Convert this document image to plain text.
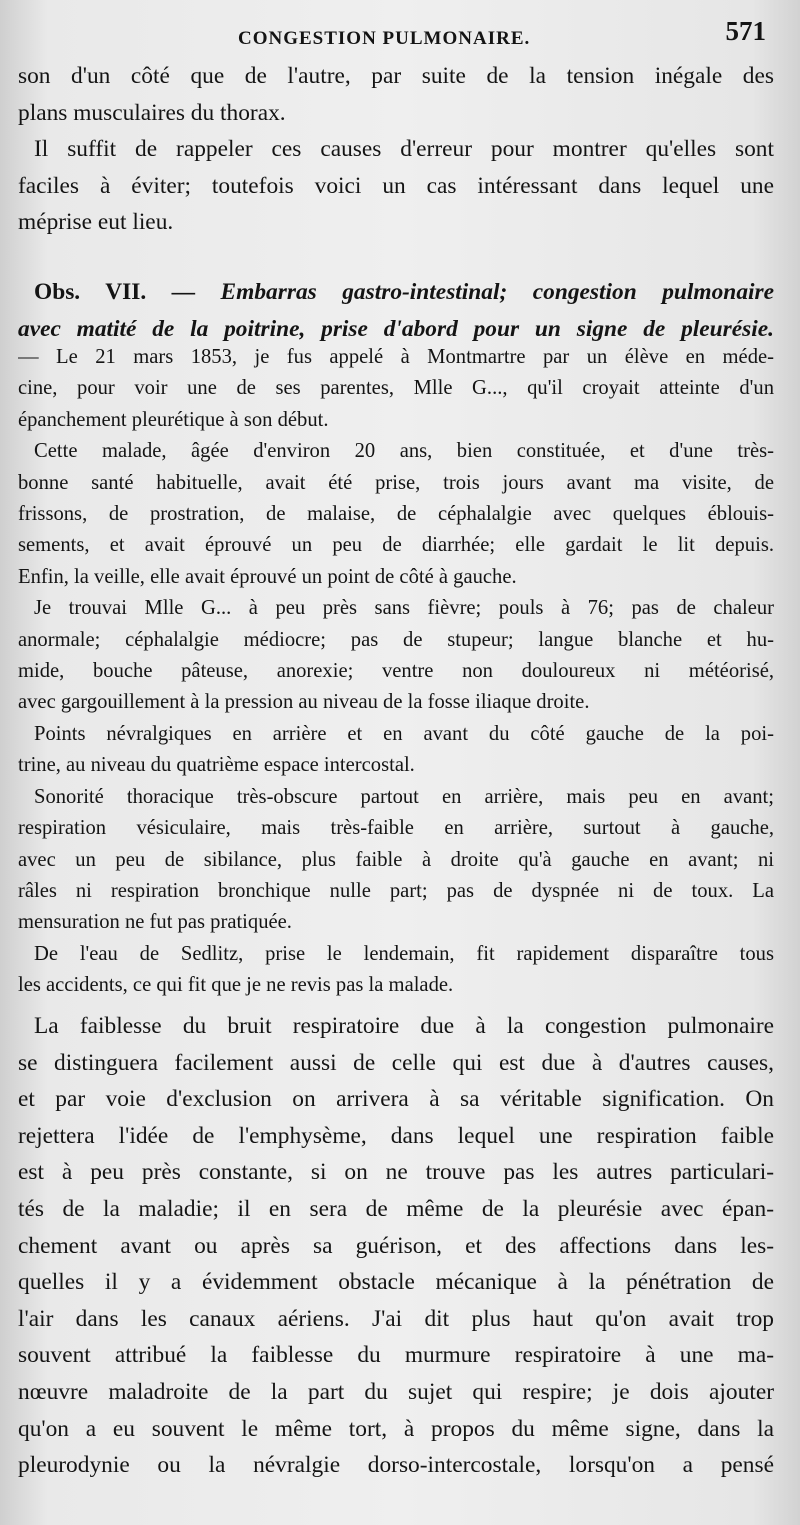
CONGESTION PULMONAIRE.	571
son d'un côté que de l'autre, par suite de la tension inégale des
plans musculaires du thorax.
Il suffit de rappeler ces causes d'erreur pour montrer qu'elles sont
faciles à éviter; toutefois voici un cas intéressant dans lequel une
méprise eut lieu.
Obs. VII. — Embarras gastro-intestinal; congestion pulmonaire
avec matité de la poitrine, prise d'abord pour un signe de pleurésie.
— Le 21 mars 1853, je fus appelé à Montmartre par un élève en méde-
cine, pour voir une de ses parentes, Mlle G..., qu'il croyait atteinte d'un
épanchement pleurétique à son début.
Cette malade, âgée d'environ 20 ans, bien constituée, et d'une très-
bonne santé habituelle, avait été prise, trois jours avant ma visite, de
frissons, de prostration, de malaise, de céphalalgie avec quelques éblouis-
sements, et avait éprouvé un peu de diarrhée; elle gardait le lit depuis.
Enfin, la veille, elle avait éprouvé un point de côté à gauche.
Je trouvai Mlle G... à peu près sans fièvre; pouls à 76; pas de chaleur
anormale; céphalalgie médiocre; pas de stupeur; langue blanche et hu-
mide, bouche pâteuse, anorexie; ventre non douloureux ni météorisé,
avec gargouillement à la pression au niveau de la fosse iliaque droite.
Points névralgiques en arrière et en avant du côté gauche de la poi-
trine, au niveau du quatrième espace intercostal.
Sonorité thoracique très-obscure partout en arrière, mais peu en avant;
respiration vésiculaire, mais très-faible en arrière, surtout à gauche,
avec un peu de sibilance, plus faible à droite qu'à gauche en avant; ni
râles ni respiration bronchique nulle part; pas de dyspnée ni de toux. La
mensuration ne fut pas pratiquée.
De l'eau de Sedlitz, prise le lendemain, fit rapidement disparaître tous
les accidents, ce qui fit que je ne revis pas la malade.
La faiblesse du bruit respiratoire due à la congestion pulmonaire
se distinguera facilement aussi de celle qui est due à d'autres causes,
et par voie d'exclusion on arrivera à sa véritable signification. On
rejettera l'idée de l'emphysème, dans lequel une respiration faible
est à peu près constante, si on ne trouve pas les autres particulari-
tés de la maladie; il en sera de même de la pleurésie avec épan-
chement avant ou après sa guérison, et des affections dans les-
quelles il y a évidemment obstacle mécanique à la pénétration de
l'air dans les canaux aériens. J'ai dit plus haut qu'on avait trop
souvent attribué la faiblesse du murmure respiratoire à une ma-
nœuvre maladroite de la part du sujet qui respire; je dois ajouter
qu'on a eu souvent le même tort, à propos du même signe, dans la
pleurodynie ou la névralgie dorso-intercostale, lorsqu'on a pensé
